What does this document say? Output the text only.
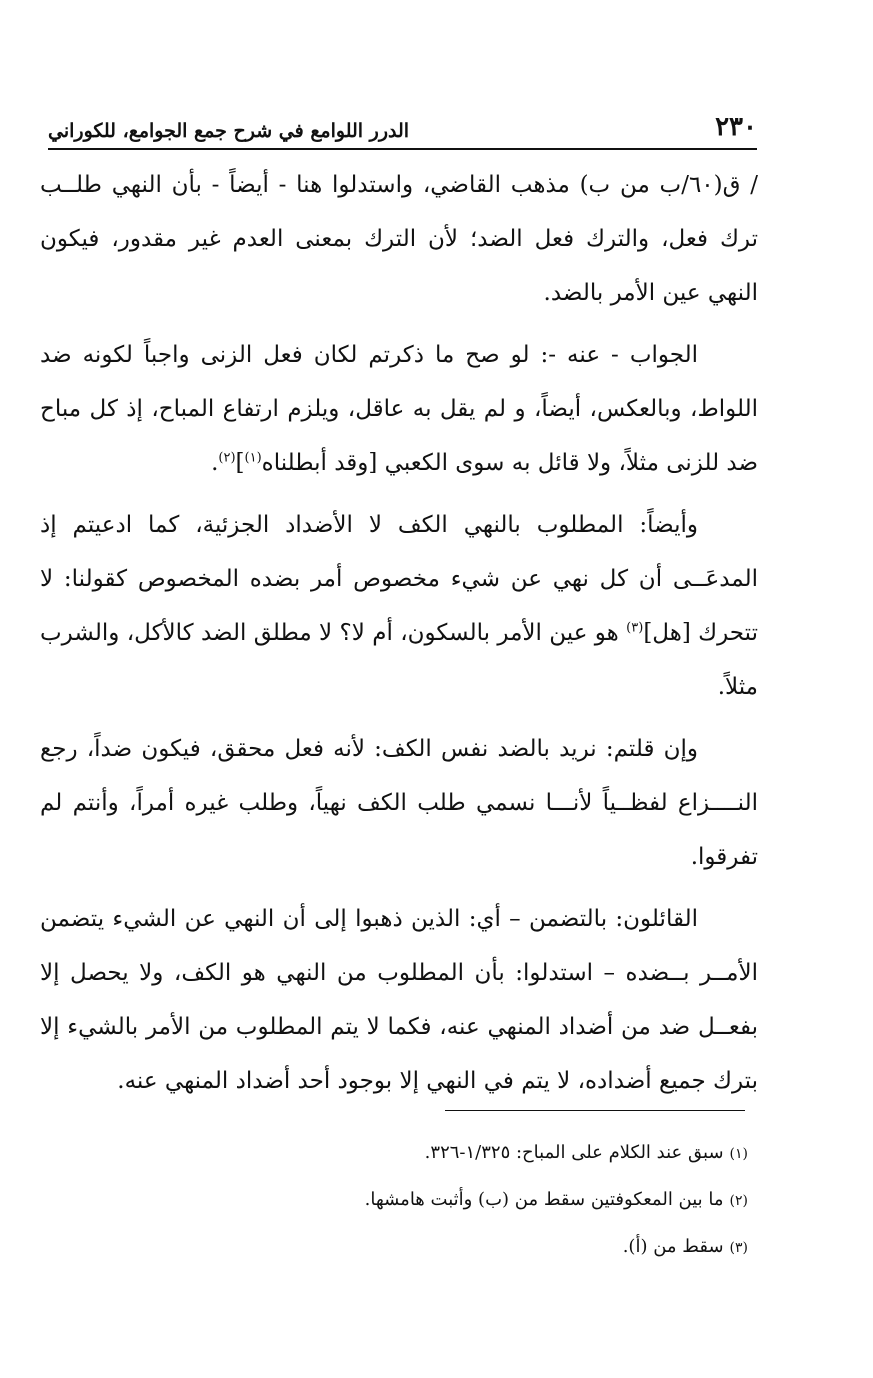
٢٣٠
الدرر اللوامع في شرح جمع الجوامع، للكوراني

/ ق(٦٠/ب من ب) مذهب القاضي، واستدلوا هنا - أيضاً - بأن النهي طلــب ترك فعل، والترك فعل الضد؛ لأن الترك بمعنى العدم غير مقدور، فيكون النهي عين الأمر بالضد.

الجواب - عنه -: لو صح ما ذكرتم لكان فعل الزنى واجباً لكونه ضد اللواط، وبالعكس، أيضاً، و لم يقل به عاقل، ويلزم ارتفاع المباح، إذ كل مباح ضد للزنى مثلاً، ولا قائل به سوى الكعبي [وقد أبطلناه$^{(١)}$]$^{(٢)}$.

وأيضاً: المطلوب بالنهي الكف لا الأضداد الجزئية، كما ادعيتم إذ المدعَــى أن كل نهي عن شيء مخصوص أمر بضده المخصوص كقولنا: لا تتحرك [هل]$^{(٣)}$ هو عين الأمر بالسكون، أم لا؟ لا مطلق الضد كالأكل، والشرب مثلاً.

وإن قلتم: نريد بالضد نفس الكف: لأنه فعل محقق، فيكون ضداً، رجع النــــزاع لفظــياً لأنـــا نسمي طلب الكف نهياً، وطلب غيره أمراً، وأنتم لم تفرقوا.

القائلون: بالتضمن – أي: الذين ذهبوا إلى أن النهي عن الشيء يتضمن الأمــر بــضده – استدلوا: بأن المطلوب من النهي هو الكف، ولا يحصل إلا بفعــل ضد من أضداد المنهي عنه، فكما لا يتم المطلوب من الأمر بالشيء إلا بترك جميع أضداده، لا يتم في النهي إلا بوجود أحد أضداد المنهي عنه.

(١)سبق عند الكلام على المباح: ١/٣٢٥-٣٢٦.
(٢)ما بين المعكوفتين سقط من (ب) وأثبت هامشها.
(٣)سقط من (أ).
